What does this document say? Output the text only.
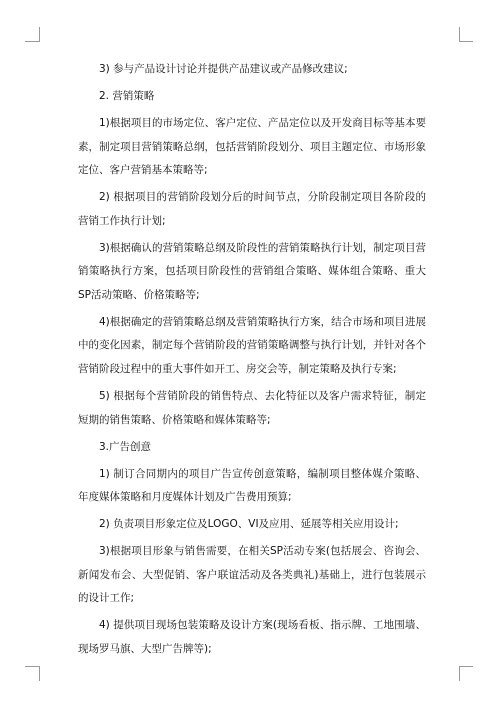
3) 参与产品设计讨论并提供产品建议或产品修改建议;

2. 营销策略

1)根据项目的市场定位、客户定位、产品定位以及开发商目标等基本要素，制定项目营销策略总纲，包括营销阶段划分、项目主题定位、市场形象定位、客户营销基本策略等;

2) 根据项目的营销阶段划分后的时间节点，分阶段制定项目各阶段的营销工作执行计划;

3)根据确认的营销策略总纲及阶段性的营销策略执行计划，制定项目营销策略执行方案，包括项目阶段性的营销组合策略、媒体组合策略、重大SP活动策略、价格策略等;

4)根据确定的营销策略总纲及营销策略执行方案，结合市场和项目进展中的变化因素，制定每个营销阶段的营销策略调整与执行计划，并针对各个营销阶段过程中的重大事件如开工、房交会等，制定策略及执行专案;

5) 根据每个营销阶段的销售特点、去化特征以及客户需求特征，制定短期的销售策略、价格策略和媒体策略等;

3.广告创意

1) 制订合同期内的项目广告宣传创意策略，编制项目整体媒介策略、年度媒体策略和月度媒体计划及广告费用预算;

2) 负责项目形象定位及LOGO、VI及应用、延展等相关应用设计;

3)根据项目形象与销售需要，在相关SP活动专案(包括展会、咨询会、新闻发布会、大型促销、客户联谊活动及各类典礼)基础上，进行包装展示的设计工作;

4) 提供项目现场包装策略及设计方案(现场看板、指示牌、工地围墙、现场罗马旗、大型广告牌等);
